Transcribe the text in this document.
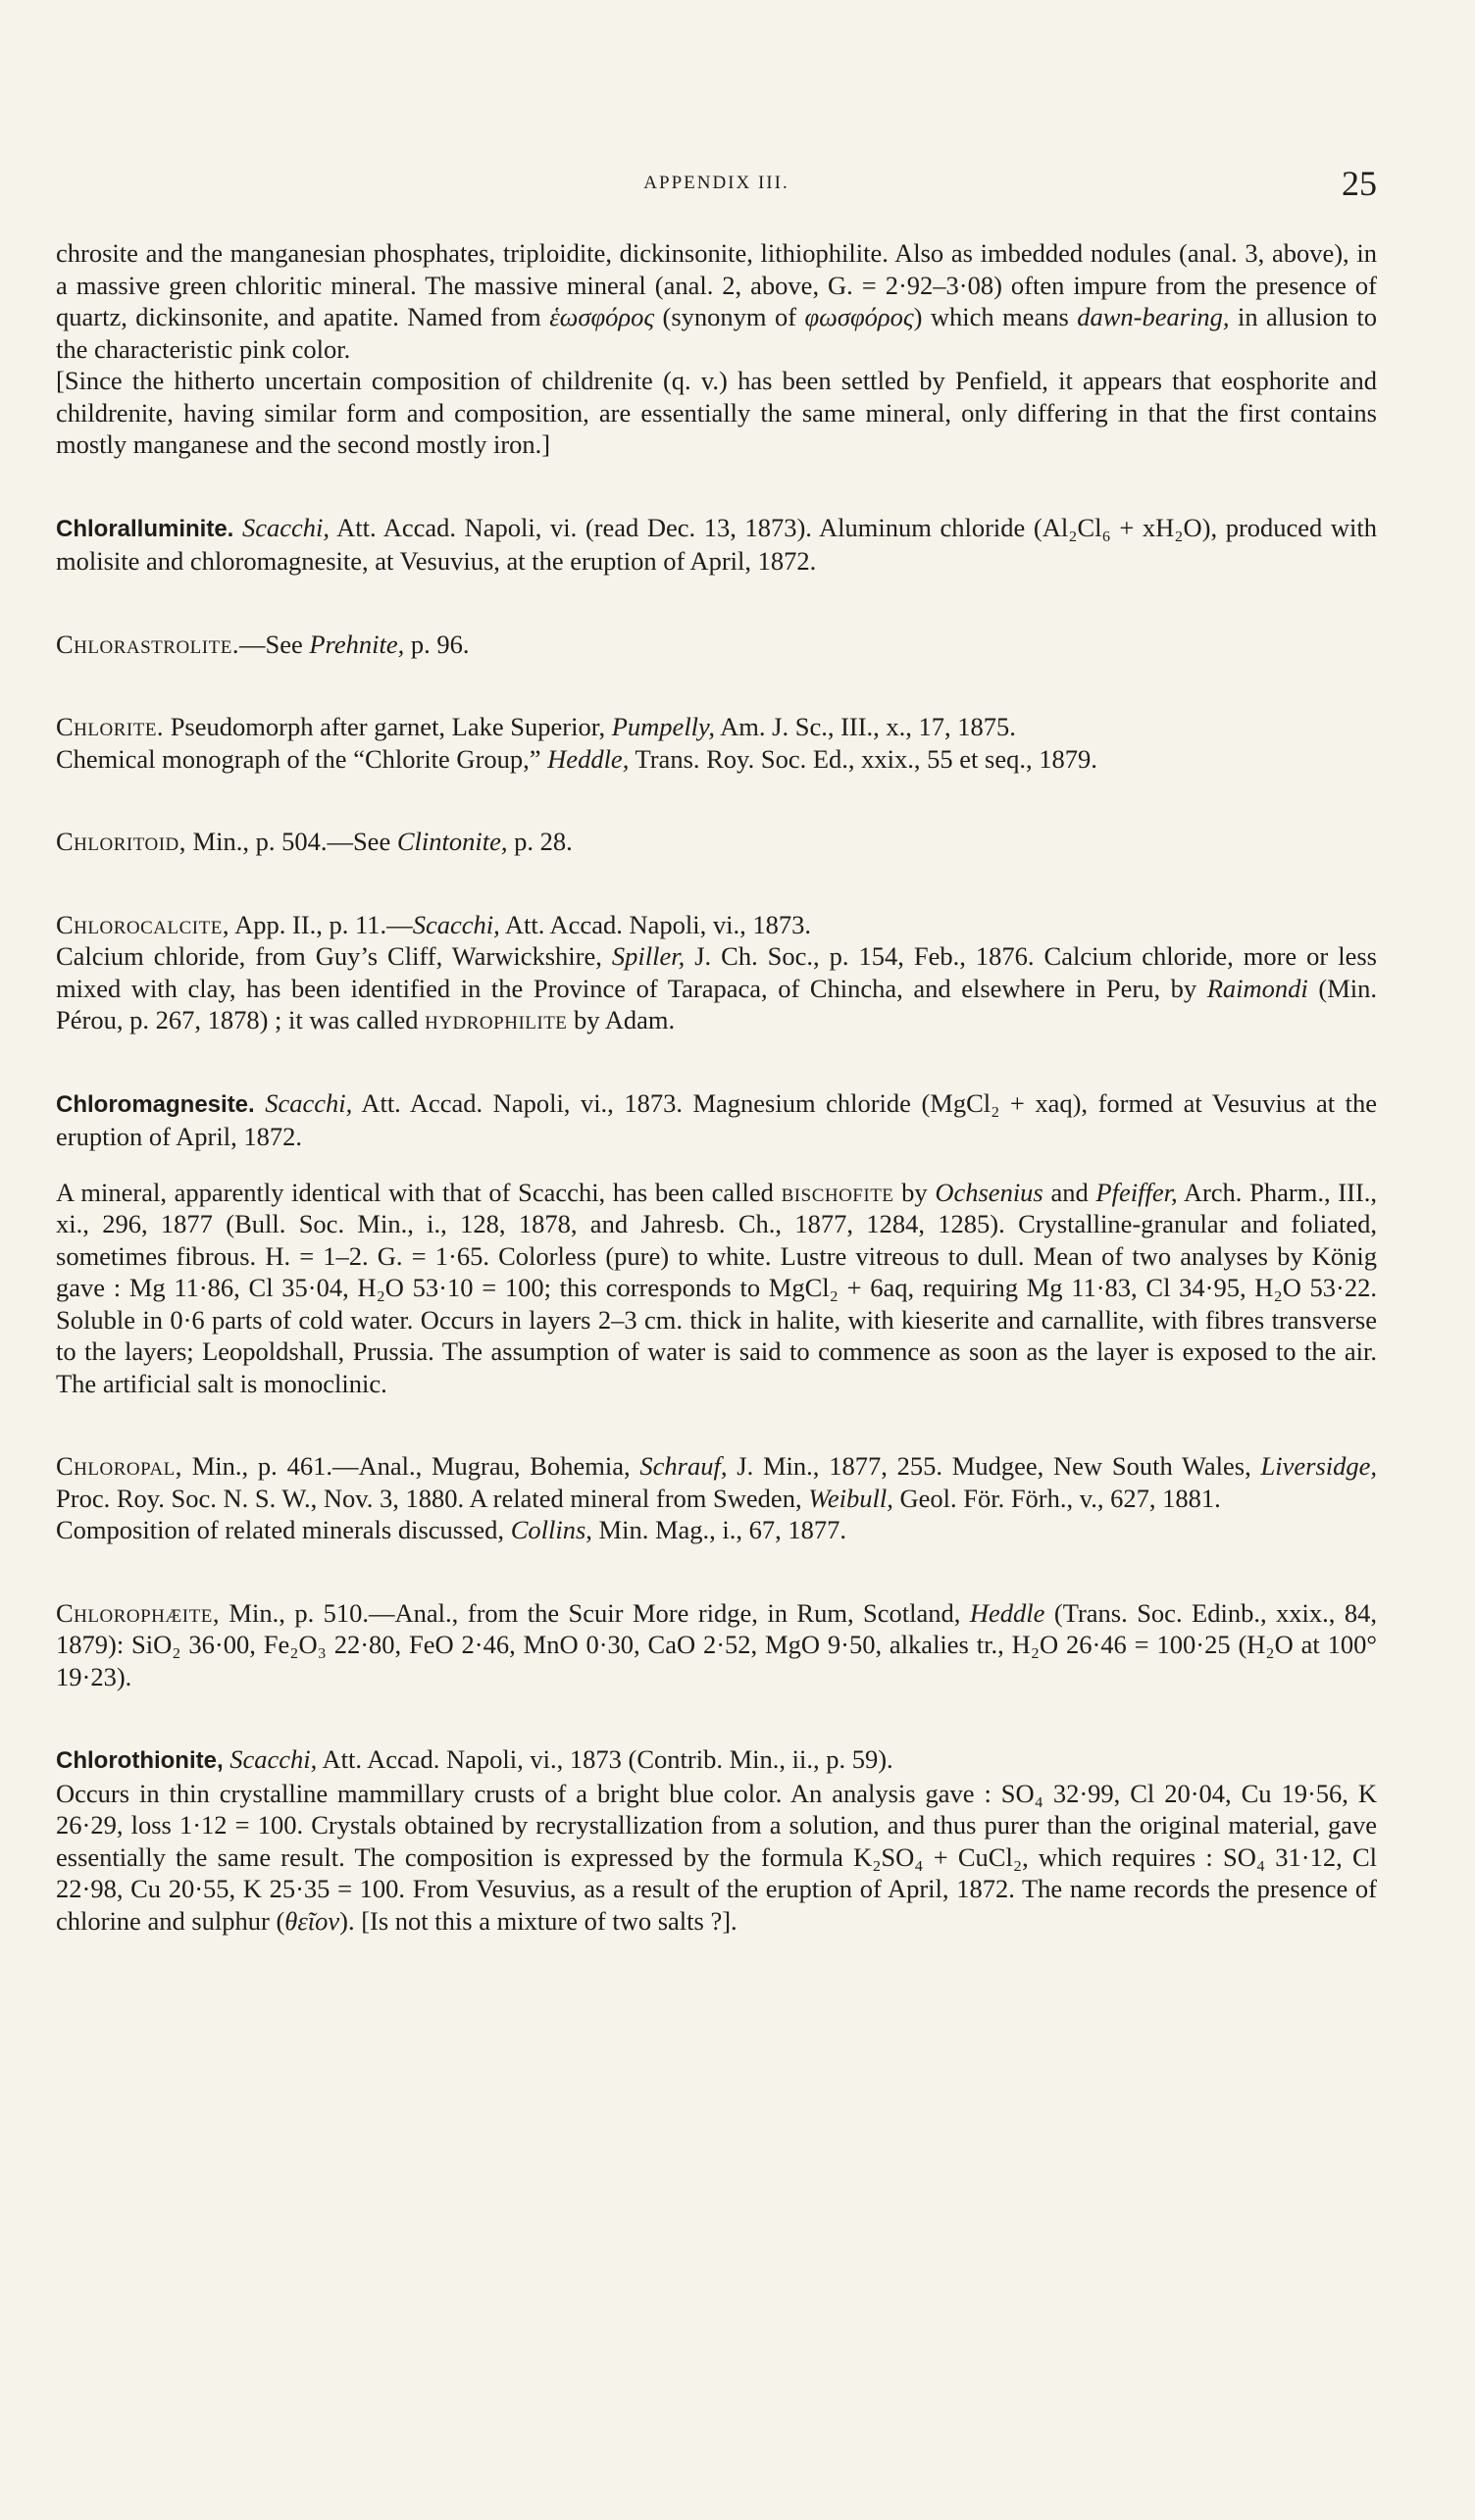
APPENDIX III.	25

chrosite and the manganesian phosphates, triploidite, dickinsonite, lithiophilite. Also as imbedded nodules (anal. 3, above), in a massive green chloritic mineral. The massive mineral (anal. 2, above, G. = 2·92–3·08) often impure from the presence of quartz, dickinsonite, and apatite. Named from ἑωσφόρος (synonym of φωσφόρος) which means dawn-bearing, in allusion to the characteristic pink color.

[Since the hitherto uncertain composition of childrenite (q. v.) has been settled by Penfield, it appears that eosphorite and childrenite, having similar form and composition, are essentially the same mineral, only differing in that the first contains mostly manganese and the second mostly iron.]

Chloralluminite. Scacchi, Att. Accad. Napoli, vi. (read Dec. 13, 1873). Aluminum chloride (Al₂Cl₆ + xH₂O), produced with molisite and chloromagnesite, at Vesuvius, at the eruption of April, 1872.

Chlorastrolite.—See Prehnite, p. 96.

Chlorite. Pseudomorph after garnet, Lake Superior, Pumpelly, Am. J. Sc., III., x., 17, 1875.

Chemical monograph of the “Chlorite Group,” Heddle, Trans. Roy. Soc. Ed., xxix., 55 et seq., 1879.

Chloritoid, Min., p. 504.—See Clintonite, p. 28.

Chlorocalcite, App. II., p. 11.—Scacchi, Att. Accad. Napoli, vi., 1873.

Calcium chloride, from Guy’s Cliff, Warwickshire, Spiller, J. Ch. Soc., p. 154, Feb., 1876. Calcium chloride, more or less mixed with clay, has been identified in the Province of Tarapaca, of Chincha, and elsewhere in Peru, by Raimondi (Min. Pérou, p. 267, 1878) ; it was called hydrophilite by Adam.

Chloromagnesite. Scacchi, Att. Accad. Napoli, vi., 1873. Magnesium chloride (MgCl₂ + xaq), formed at Vesuvius at the eruption of April, 1872.

A mineral, apparently identical with that of Scacchi, has been called bischofite by Ochsenius and Pfeiffer, Arch. Pharm., III., xi., 296, 1877 (Bull. Soc. Min., i., 128, 1878, and Jahresb. Ch., 1877, 1284, 1285). Crystalline-granular and foliated, sometimes fibrous. H. = 1–2. G. = 1·65. Colorless (pure) to white. Lustre vitreous to dull. Mean of two analyses by König gave : Mg 11·86, Cl 35·04, H₂O 53·10 = 100; this corresponds to MgCl₂ + 6aq, requiring Mg 11·83, Cl 34·95, H₂O 53·22. Soluble in 0·6 parts of cold water. Occurs in layers 2–3 cm. thick in halite, with kieserite and carnallite, with fibres transverse to the layers; Leopoldshall, Prussia. The assumption of water is said to commence as soon as the layer is exposed to the air. The artificial salt is monoclinic.

Chloropal, Min., p. 461.—Anal., Mugrau, Bohemia, Schrauf, J. Min., 1877, 255. Mudgee, New South Wales, Liversidge, Proc. Roy. Soc. N. S. W., Nov. 3, 1880. A related mineral from Sweden, Weibull, Geol. För. Förh., v., 627, 1881.

Composition of related minerals discussed, Collins, Min. Mag., i., 67, 1877.

Chlorophæite, Min., p. 510.—Anal., from the Scuir More ridge, in Rum, Scotland, Heddle (Trans. Soc. Edinb., xxix., 84, 1879): SiO₂ 36·00, Fe₂O₃ 22·80, FeO 2·46, MnO 0·30, CaO 2·52, MgO 9·50, alkalies tr., H₂O 26·46 = 100·25 (H₂O at 100° 19·23).

Chlorothionite, Scacchi, Att. Accad. Napoli, vi., 1873 (Contrib. Min., ii., p. 59).

Occurs in thin crystalline mammillary crusts of a bright blue color. An analysis gave : SO₄ 32·99, Cl 20·04, Cu 19·56, K 26·29, loss 1·12 = 100. Crystals obtained by recrystallization from a solution, and thus purer than the original material, gave essentially the same result. The composition is expressed by the formula K₂SO₄ + CuCl₂, which requires : SO₄ 31·12, Cl 22·98, Cu 20·55, K 25·35 = 100. From Vesuvius, as a result of the eruption of April, 1872. The name records the presence of chlorine and sulphur (θεῖον). [Is not this a mixture of two salts ?].
